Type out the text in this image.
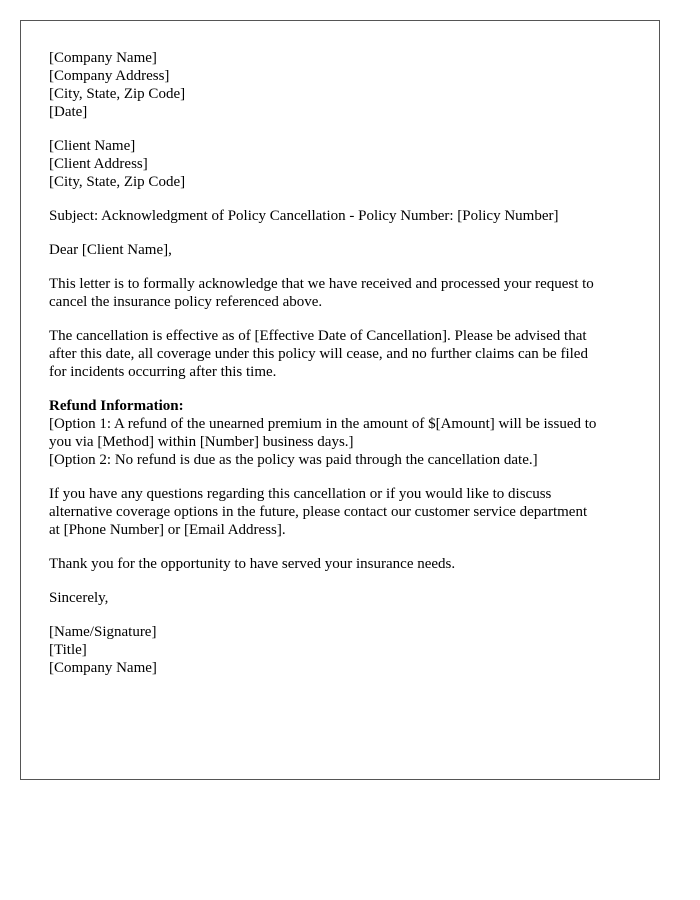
[Company Name]
[Company Address]
[City, State, Zip Code]
[Date]
[Client Name]
[Client Address]
[City, State, Zip Code]
Subject: Acknowledgment of Policy Cancellation - Policy Number: [Policy Number]
Dear [Client Name],
This letter is to formally acknowledge that we have received and processed your request to
cancel the insurance policy referenced above.
The cancellation is effective as of [Effective Date of Cancellation]. Please be advised that
after this date, all coverage under this policy will cease, and no further claims can be filed
for incidents occurring after this time.
Refund Information:
[Option 1: A refund of the unearned premium in the amount of $[Amount] will be issued to
you via [Method] within [Number] business days.]
[Option 2: No refund is due as the policy was paid through the cancellation date.]
If you have any questions regarding this cancellation or if you would like to discuss
alternative coverage options in the future, please contact our customer service department
at [Phone Number] or [Email Address].
Thank you for the opportunity to have served your insurance needs.
Sincerely,
[Name/Signature]
[Title]
[Company Name]
